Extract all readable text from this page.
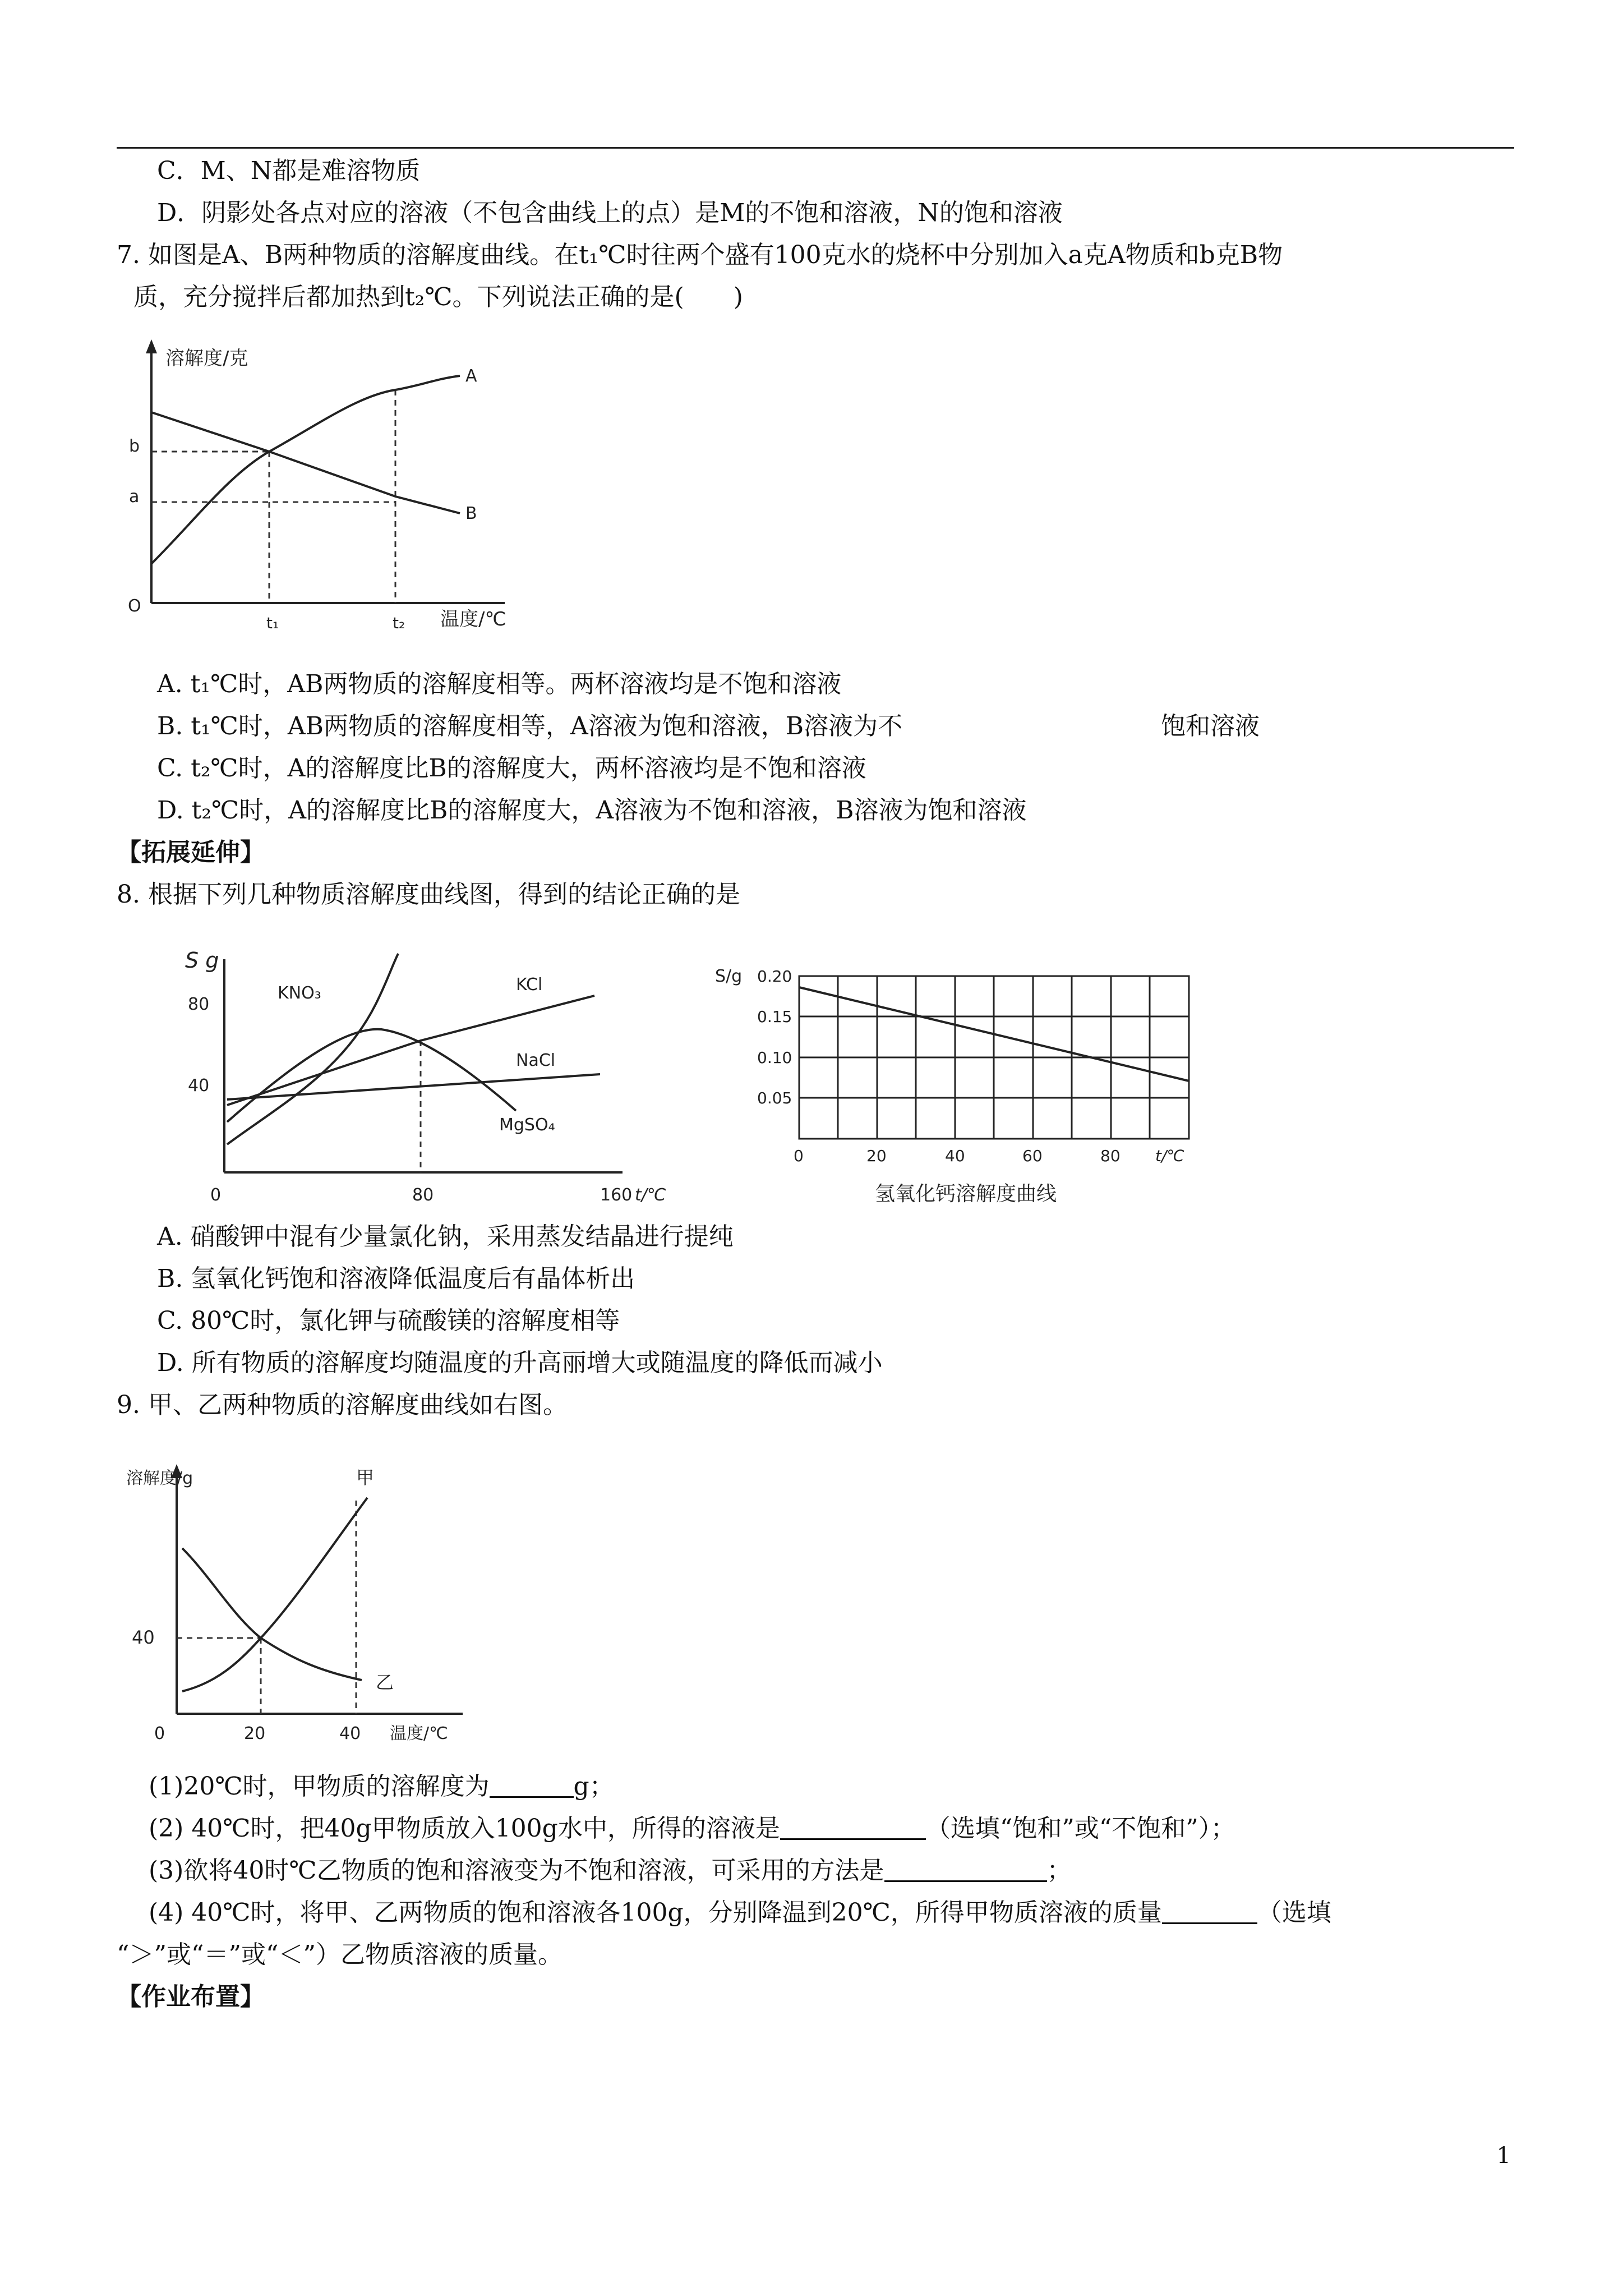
C．M、N都是难溶物质
D．阴影处各点对应的溶液（不包含曲线上的点）是M的不饱和溶液，N的饱和溶液
7. 如图是A、B两种物质的溶解度曲线。在t₁℃时往两个盛有100克水的烧杯中分别加入a克A物质和b克B物
质，充分搅拌后都加热到t₂℃。下列说法正确的是(　　)
溶解度/克
温度/℃
O
b
a
t₁	t₂
A
B
A. t₁℃时，AB两物质的溶解度相等。两杯溶液均是不饱和溶液
B. t₁℃时，AB两物质的溶解度相等，A溶液为饱和溶液，B溶液为不	饱和溶液
C. t₂℃时，A的溶解度比B的溶解度大，两杯溶液均是不饱和溶液
D. t₂℃时，A的溶解度比B的溶解度大，A溶液为不饱和溶液，B溶液为饱和溶液
【拓展延伸】
8. 根据下列几种物质溶解度曲线图，得到的结论正确的是
S g
80
40
0	80	160 t/℃
KNO₃	KCl
NaCl
MgSO₄
S/g 0.20
0.15
0.10
0.05
0	20	40	60	80 t/℃
氢氧化钙溶解度曲线
A. 硝酸钾中混有少量氯化钠，采用蒸发结晶进行提纯
B. 氢氧化钙饱和溶液降低温度后有晶体析出
C. 80℃时，氯化钾与硫酸镁的溶解度相等
D. 所有物质的溶解度均随温度的升高丽增大或随温度的降低而减小
9. 甲、乙两种物质的溶解度曲线如右图。
溶解度/g
40
0	20	40 温度/℃
甲
乙
(1)20℃时，甲物质的溶解度为	g；
(2) 40℃时，把40g甲物质放入100g水中，所得的溶液是	（选填“饱和”或“不饱和”）；
(3)欲将40时℃乙物质的饱和溶液变为不饱和溶液，可采用的方法是	；
(4) 40℃时，将甲、乙两物质的饱和溶液各100g，分别降温到20℃，所得甲物质溶液的质量	（选填
“＞”或“＝”或“＜”）乙物质溶液的质量。
【作业布置】
1
